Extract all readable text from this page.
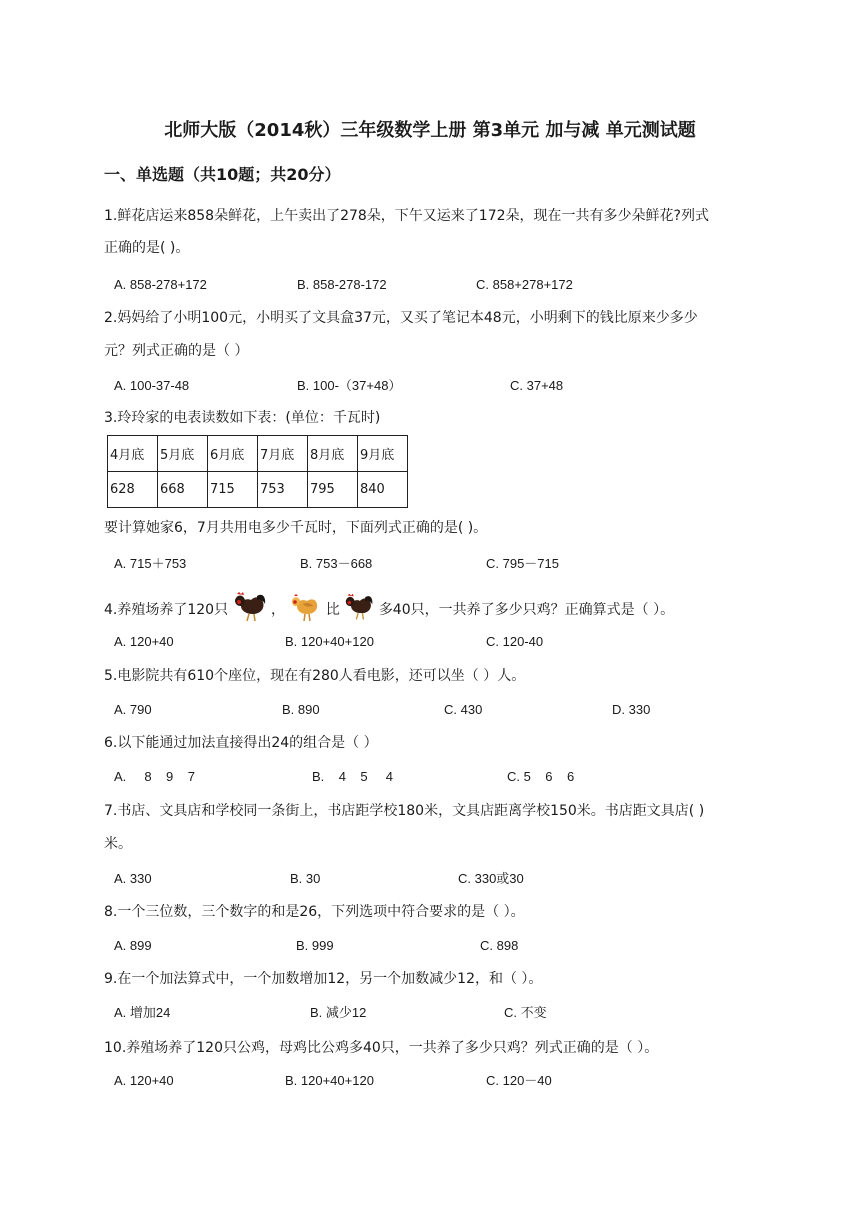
北师大版（2014秋）三年级数学上册 第3单元 加与减 单元测试题
一、单选题（共10题；共20分）
1.鲜花店运来858朵鲜花，上午卖出了278朵，下午又运来了172朵，现在一共有多少朵鲜花?列式
正确的是( )。
A. 858-278+172	B. 858-278-172	C. 858+278+172
2.妈妈给了小明100元，小明买了文具盒37元，又买了笔记本48元，小明剩下的钱比原来少多少
元？列式正确的是（ ）
A. 100-37-48	B. 100-（37+48）	C. 37+48
3.玲玲家的电表读数如下表：(单位：千瓦时)
4月底	5月底	6月底	7月底	8月底	9月底
628	668	715	753	795	840
要计算她家6，7月共用电多少千瓦时，下面列式正确的是( )。
A. 715＋753	B. 753－668	C. 795－715
4.养殖场养了120只	，	比	多40只，一共养了多少只鸡？正确算式是（ ）。
A. 120+40	B. 120+40+120	C. 120-40
5.电影院共有610个座位，现在有280人看电影，还可以坐（ ）人。
A. 790	B. 890	C. 430	D. 330
6.以下能通过加法直接得出24的组合是（ ）
A.     8    9    7	B.    4    5     4	C. 5    6    6
7.书店、文具店和学校同一条街上，书店距学校180米，文具店距离学校150米。书店距文具店( )
米。
A. 330	B. 30	C. 330或30
8.一个三位数，三个数字的和是26，下列选项中符合要求的是（ ）。
A. 899	B. 999	C. 898
9.在一个加法算式中，一个加数增加12，另一个加数减少12，和（ ）。
A. 增加24	B. 减少12	C. 不变
10.养殖场养了120只公鸡，母鸡比公鸡多40只，一共养了多少只鸡？列式正确的是（ ）。
A. 120+40	B. 120+40+120	C. 120－40
